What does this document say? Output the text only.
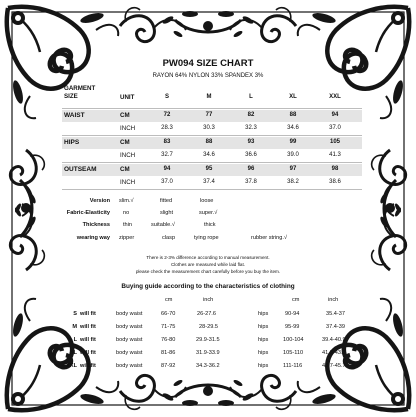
PW094 SIZE CHART
RAYON 64% NYLON 33% SPANDEX 3%
GARMENT SIZE	UNIT	S	M	L	XL	XXL
WAIST	CM	72	77	82	88	94
INCH	28.3	30.3	32.3	34.6	37.0
HIPS	CM	83	88	93	99	105
INCH	32.7	34.6	36.6	39.0	41.3
OUTSEAM	CM	94	95	96	97	98
INCH	37.0	37.4	37.8	38.2	38.6
Version slim.√	fitted	loose
Fabric-Elasticity no	slight	super.√
Thickness thin	suitable.√	thick
wearing way zipper	clasp	tying rope	rubber string.√
There is 2-3% difference according to manual measurement.
Clothes are measured while laid flat.
please check the measurement chart carefully before you buy the item.
Buying guide according to the characteristics of clothing
cm	inch	cm	inch
S will fit	body waist	66-70	26-27.6	hips	90-94	35.4-37
M will fit	body waist	71-75	28-29.5	hips	95-99	37.4-39
L will fit	body waist	76-80	29.9-31.5	hips	100-104	39.4-40.9
XL will fit	body waist	81-86	31.9-33.9	hips	105-110	41.3-43.3
XXL will fit	body waist	87-92	34.3-36.2	hips	111-116	43.7-45.7
